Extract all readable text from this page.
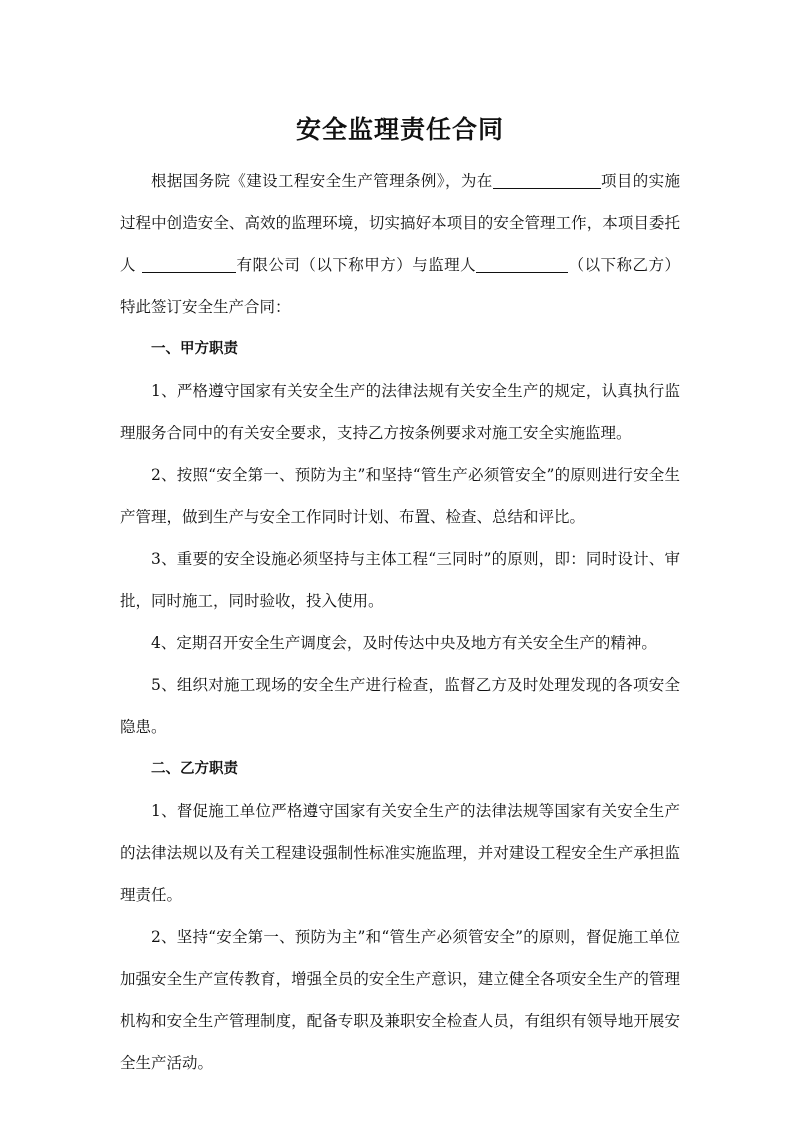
安全监理责任合同

根据国务院《建设工程安全生产管理条例》，为在	项目的实施过程中创造安全、高效的监理环境，切实搞好本项目的安全管理工作，本项目委托人	有限公司（以下称甲方）与监理人	（以下称乙方）特此签订安全生产合同：

一、甲方职责

1、严格遵守国家有关安全生产的法律法规有关安全生产的规定，认真执行监理服务合同中的有关安全要求，支持乙方按条例要求对施工安全实施监理。

2、按照“安全第一、预防为主”和坚持“管生产必须管安全”的原则进行安全生产管理，做到生产与安全工作同时计划、布置、检查、总结和评比。

3、重要的安全设施必须坚持与主体工程“三同时”的原则，即：同时设计、审批，同时施工，同时验收，投入使用。

4、定期召开安全生产调度会，及时传达中央及地方有关安全生产的精神。

5、组织对施工现场的安全生产进行检查，监督乙方及时处理发现的各项安全隐患。

二、乙方职责

1、督促施工单位严格遵守国家有关安全生产的法律法规等国家有关安全生产的法律法规以及有关工程建设强制性标准实施监理，并对建设工程安全生产承担监理责任。

2、坚持“安全第一、预防为主”和“管生产必须管安全”的原则，督促施工单位加强安全生产宣传教育，增强全员的安全生产意识，建立健全各项安全生产的管理机构和安全生产管理制度，配备专职及兼职安全检查人员，有组织有领导地开展安全生产活动。
